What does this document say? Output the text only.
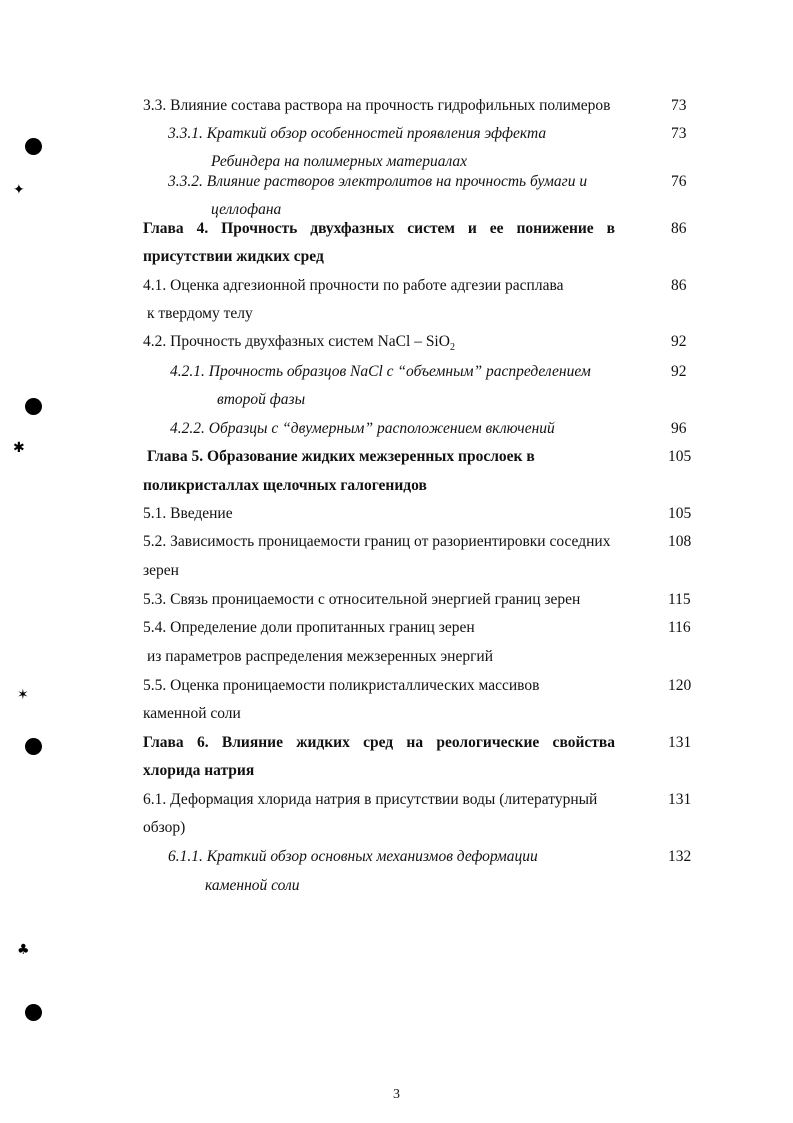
✦
✱
✶
♣
3.3. Влияние состава раствора на прочность гидрофильных полимеров	73
3.3.1. Краткий обзор особенностей проявления эффекта	73
Ребиндера на полимерных материалах
3.3.2. Влияние растворов электролитов на прочность бумаги и	76
целлофана
Глава 4. Прочность двухфазных систем и ее понижение в	86
присутствии жидких сред
4.1. Оценка адгезионной прочности по работе адгезии расплава	86
к твердому телу
4.2. Прочность двухфазных систем NaCl – SiO$_2$	92
4.2.1. Прочность образцов NaCl с “объемным” распределением	92
второй фазы
4.2.2. Образцы с “двумерным” расположением включений	96
Глава 5. Образование жидких межзеренных прослоек в	105
поликристаллах щелочных галогенидов
5.1. Введение	105
5.2. Зависимость проницаемости границ от разориентировки соседних	108
зерен
5.3. Связь проницаемости с относительной энергией границ зерен	115
5.4. Определение доли пропитанных границ зерен	116
из параметров распределения межзеренных энергий
5.5. Оценка проницаемости поликристаллических массивов	120
каменной соли
Глава 6. Влияние жидких сред на реологические свойства	131
хлорида натрия
6.1. Деформация хлорида натрия в присутствии воды (литературный	131
обзор)
6.1.1. Краткий обзор основных механизмов деформации	132
каменной соли
3
